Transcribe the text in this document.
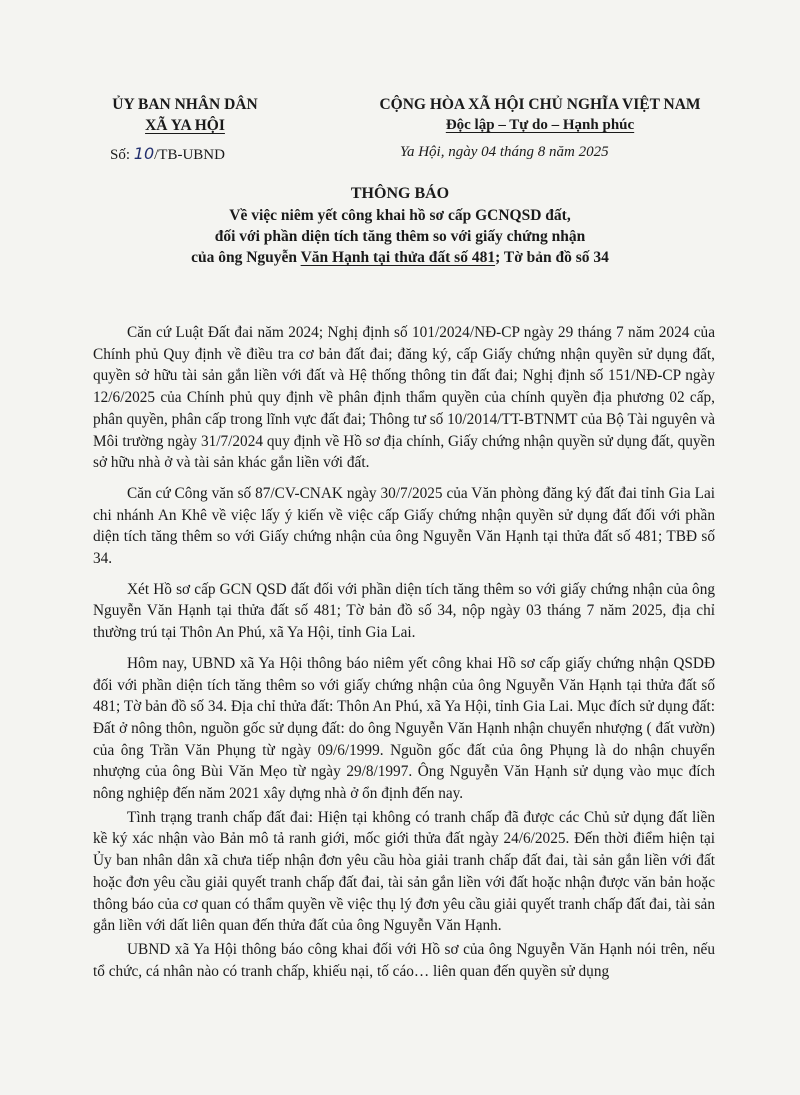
ỦY BAN NHÂN DÂN
XÃ YA HỘI
CỘNG HÒA XÃ HỘI CHỦ NGHĨA VIỆT NAM
Độc lập – Tự do – Hạnh phúc
Số: 10/TB-UBND	Ya Hội, ngày 04 tháng 8 năm 2025
THÔNG BÁO
Về việc niêm yết công khai hồ sơ cấp GCNQSD đất,
đối với phần diện tích tăng thêm so với giấy chứng nhận
của ông Nguyễn Văn Hạnh tại thửa đất số 481; Tờ bản đồ số 34

Căn cứ Luật Đất đai năm 2024; Nghị định số 101/2024/NĐ-CP ngày 29 tháng 7 năm 2024 của Chính phủ Quy định về điều tra cơ bản đất đai; đăng ký, cấp Giấy chứng nhận quyền sử dụng đất, quyền sở hữu tài sản gắn liền với đất và Hệ thống thông tin đất đai; Nghị định số 151/NĐ-CP ngày 12/6/2025 của Chính phủ quy định về phân định thẩm quyền của chính quyền địa phương 02 cấp, phân quyền, phân cấp trong lĩnh vực đất đai; Thông tư số 10/2014/TT-BTNMT của Bộ Tài nguyên và Môi trường ngày 31/7/2024 quy định về Hồ sơ địa chính, Giấy chứng nhận quyền sử dụng đất, quyền sở hữu nhà ở và tài sản khác gắn liền với đất.

Căn cứ Công văn số 87/CV-CNAK ngày 30/7/2025 của Văn phòng đăng ký đất đai tỉnh Gia Lai chi nhánh An Khê về việc lấy ý kiến về việc cấp Giấy chứng nhận quyền sử dụng đất đối với phần diện tích tăng thêm so với Giấy chứng nhận của ông Nguyễn Văn Hạnh tại thửa đất số 481; TBĐ số 34.

Xét Hồ sơ cấp GCN QSD đất đối với phần diện tích tăng thêm so với giấy chứng nhận của ông Nguyễn Văn Hạnh tại thửa đất số 481; Tờ bản đồ số 34, nộp ngày 03 tháng 7 năm 2025, địa chỉ thường trú tại Thôn An Phú, xã Ya Hội, tỉnh Gia Lai.

Hôm nay, UBND xã Ya Hội thông báo niêm yết công khai Hồ sơ cấp giấy chứng nhận QSDĐ đối với phần diện tích tăng thêm so với giấy chứng nhận của ông Nguyễn Văn Hạnh tại thửa đất số 481; Tờ bản đồ số 34. Địa chỉ thửa đất: Thôn An Phú, xã Ya Hội, tỉnh Gia Lai. Mục đích sử dụng đất: Đất ở nông thôn, nguồn gốc sử dụng đất: do ông Nguyễn Văn Hạnh nhận chuyển nhượng ( đất vườn) của ông Trần Văn Phụng từ ngày 09/6/1999. Nguồn gốc đất của ông Phụng là do nhận chuyển nhượng của ông Bùi Văn Mẹo từ ngày 29/8/1997. Ông Nguyễn Văn Hạnh sử dụng vào mục đích nông nghiệp đến năm 2021 xây dựng nhà ở ổn định đến nay.

Tình trạng tranh chấp đất đai: Hiện tại không có tranh chấp đã được các Chủ sử dụng đất liền kề ký xác nhận vào Bản mô tả ranh giới, mốc giới thửa đất ngày 24/6/2025. Đến thời điểm hiện tại Ủy ban nhân dân xã chưa tiếp nhận đơn yêu cầu hòa giải tranh chấp đất đai, tài sản gắn liền với đất hoặc đơn yêu cầu giải quyết tranh chấp đất đai, tài sản gắn liền với đất hoặc nhận được văn bản hoặc thông báo của cơ quan có thẩm quyền về việc thụ lý đơn yêu cầu giải quyết tranh chấp đất đai, tài sản gắn liền với dất liên quan đến thửa đất của ông Nguyễn Văn Hạnh.

UBND xã Ya Hội thông báo công khai đối với Hồ sơ của ông Nguyễn Văn Hạnh nói trên, nếu tổ chức, cá nhân nào có tranh chấp, khiếu nại, tố cáo… liên quan đến quyền sử dụng
